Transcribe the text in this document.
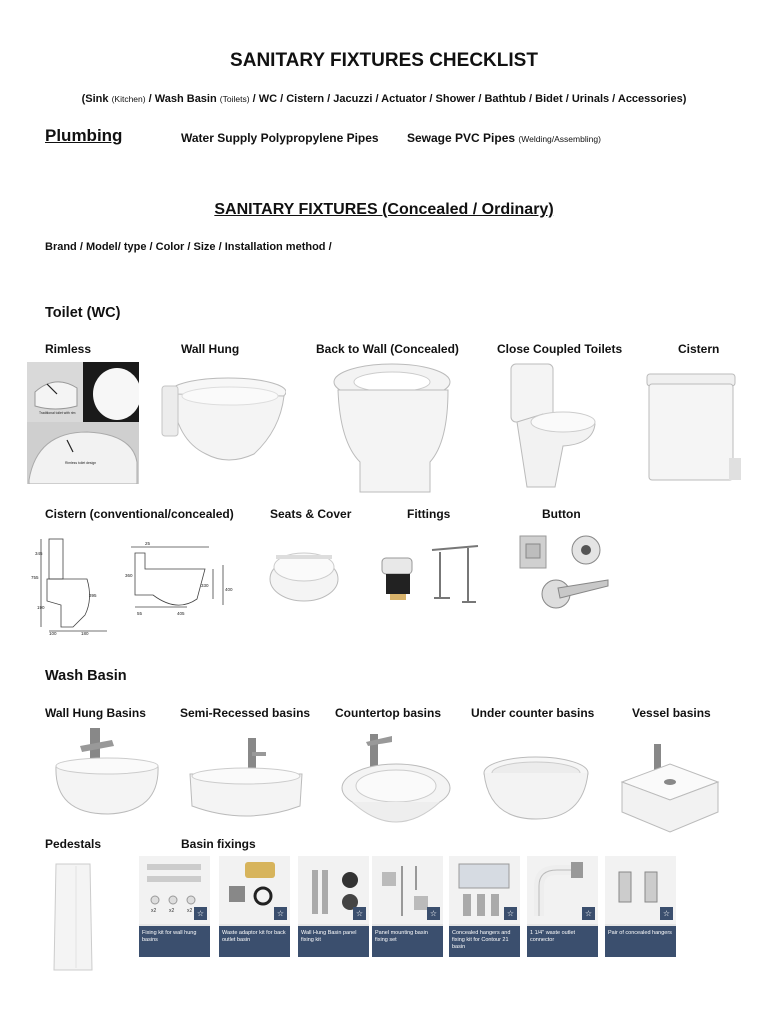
SANITARY FIXTURES CHECKLIST
(Sink (Kitchen) / Wash Basin (Toilets) / WC / Cistern / Jacuzzi / Actuator / Shower / Bathtub / Bidet / Urinals / Accessories)
Plumbing	Water Supply Polypropylene Pipes Sewage PVC Pipes (Welding/Assembling)
SANITARY FIXTURES (Concealed / Ordinary)
Brand / Model/ type / Color / Size / Installation method /
Toilet (WC)
Rimless	Wall Hung	Back to Wall (Concealed)	Close Coupled Toilets	Cistern
Traditional toilet with rim
Rimless toilet design
Cistern (conventional/concealed)	Seats & Cover	Fittings	Button
345
755
190
100
395
25
360
330
400
55	405
180
Wash Basin
Wall Hung Basins	Semi-Recessed basins Countertop basins Under counter basins	Vessel basins
Pedestals	Basin fixings
x2	x2	x2 ☆
Fixing kit for wall hung basins
☆
Waste adaptor kit for back outlet basin
☆
Wall Hung Basin panel fixing kit
☆
Panel mounting basin fixing set
☆
Concealed hangers and fixing kit for Contour 21 basin
☆
1 1/4" waste outlet connector
☆
Pair of concealed hangers
